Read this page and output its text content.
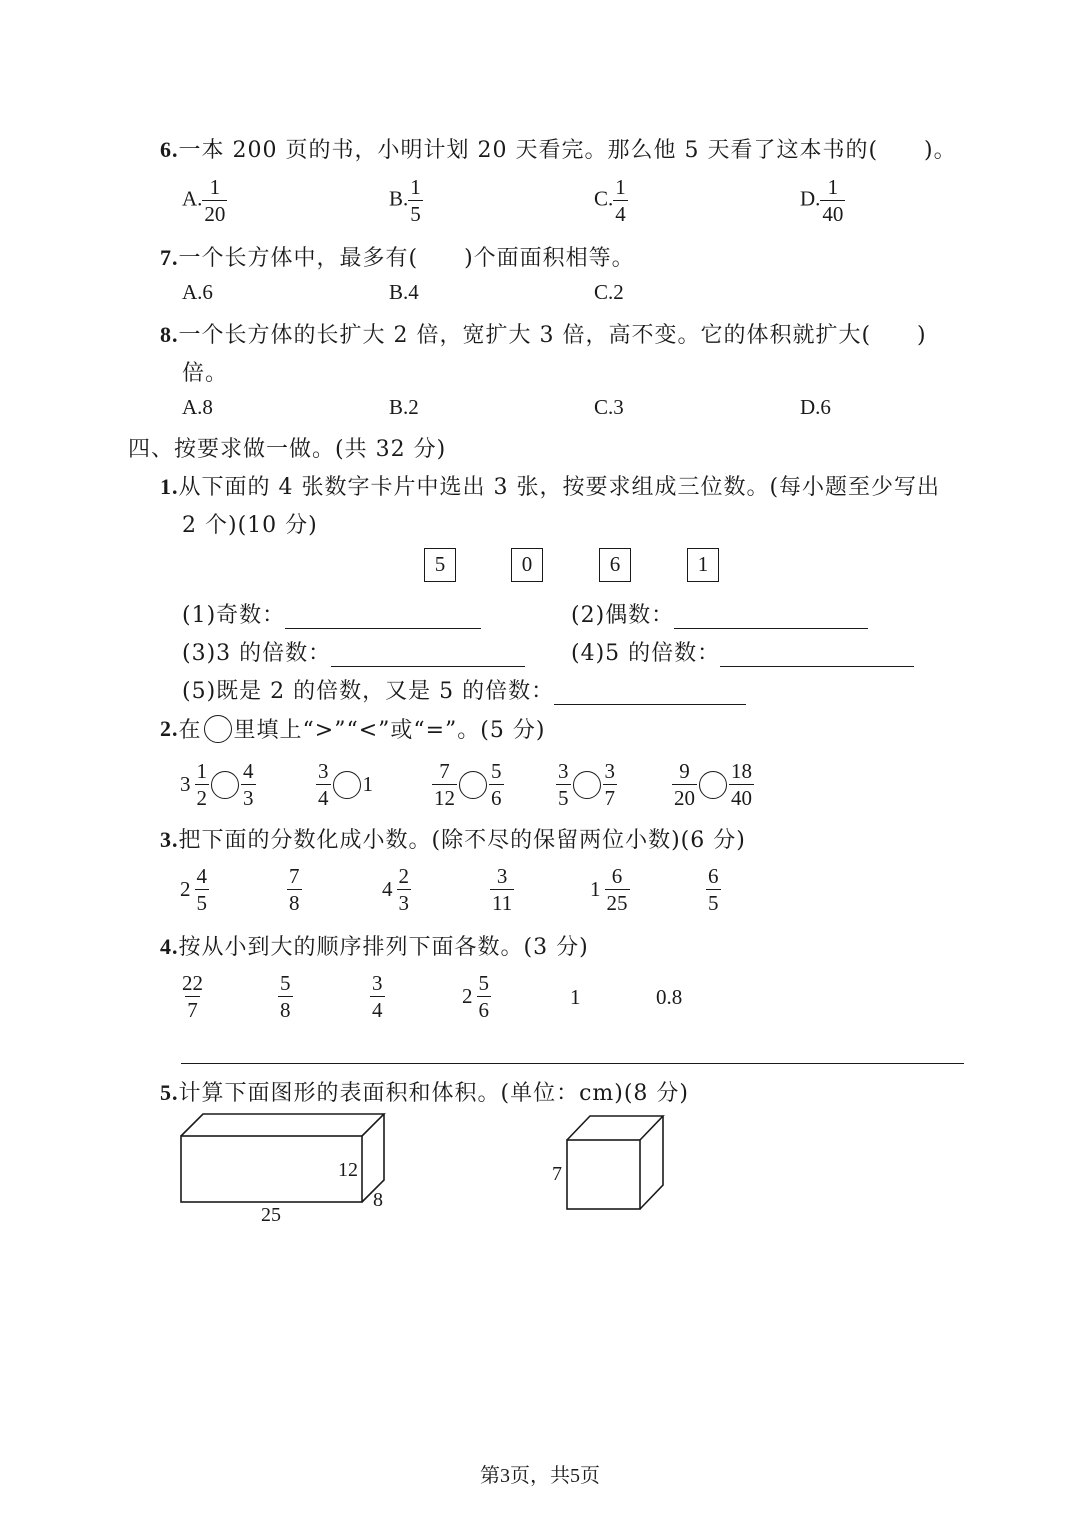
6.一本 200 页的书，小明计划 20 天看完。那么他 5 天看了这本书的(　　)。
A. $\frac{1}{20}$	B. $\frac{1}{5}$	C. $\frac{1}{4}$	D. $\frac{1}{40}$
7.一个长方体中，最多有(　　)个面面积相等。
A.6	B.4	C.2
8.一个长方体的长扩大 2 倍，宽扩大 3 倍，高不变。它的体积就扩大(　　)
倍。
A.8	B.2	C.3	D.6
四、按要求做一做。(共 32 分)
1.从下面的 4 张数字卡片中选出 3 张，按要求组成三位数。(每小题至少写出
2 个)(10 分)
5	0	6	1
(1)奇数：	(2)偶数：
(3)3 的倍数：	(4)5 的倍数：
(5)既是 2 的倍数，又是 5 的倍数：
2. 在 里填上“>”“<”或“=”。(5 分)
$3 \frac{1}{2} \frac{4}{3}$	$\frac{3}{4} 1$	$\frac{7}{12} \frac{5}{6}$	$\frac{3}{5} \frac{3}{7}$	$\frac{9}{20} \frac{18}{40}$
3.把下面的分数化成小数。(除不尽的保留两位小数)(6 分)
$2 \frac{4}{5}$	$\frac{7}{8}$	$4 \frac{2}{3}$	$\frac{3}{11}$	$1 \frac{6}{25}$	$\frac{6}{5}$
4.按从小到大的顺序排列下面各数。(3 分)
$\frac{22}{7}$	$\frac{5}{8}$	$\frac{3}{4}$	$2 \frac{5}{6}$	1	0.8
5.计算下面图形的表面积和体积。(单位：cm)(8 分)
12
8
25
7
第3页，共5页
